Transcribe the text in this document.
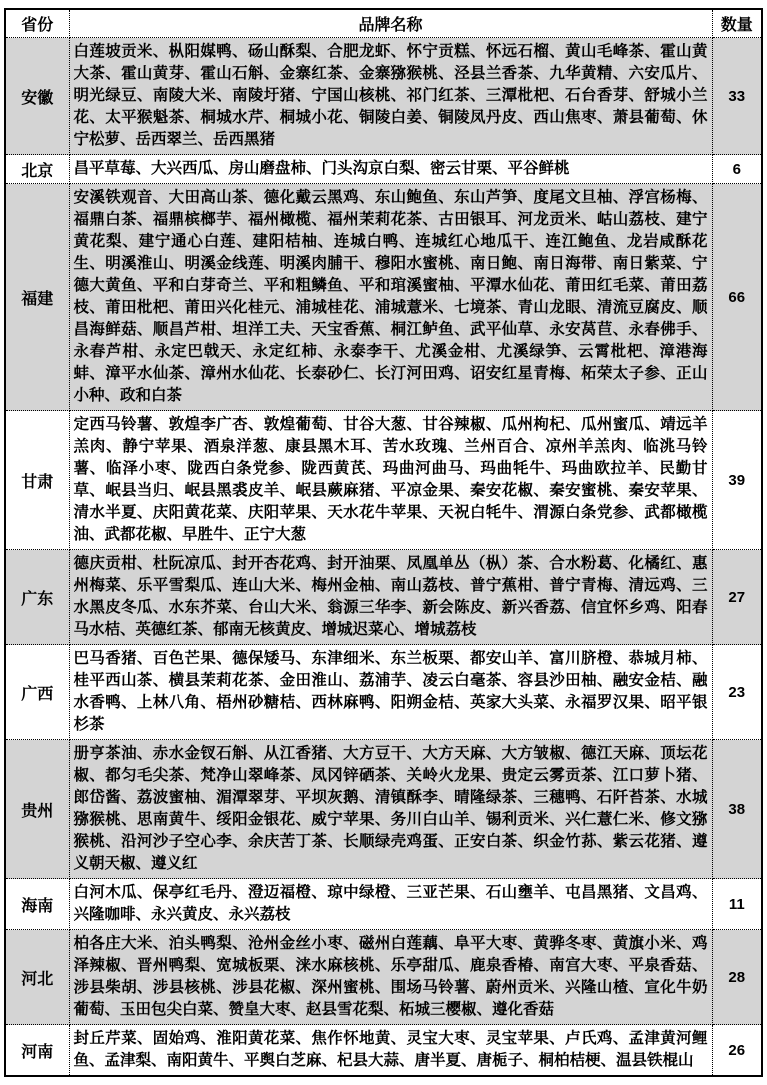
省份	品牌名称	数量
安徽	白莲坡贡米、枞阳媒鸭、砀山酥梨、合肥龙虾、怀宁贡糕、怀远石榴、黄山毛峰茶、霍山黄大茶、霍山黄芽、霍山石斛、金寨红茶、金寨猕猴桃、泾县兰香茶、九华黄精、六安瓜片、明光绿豆、南陵大米、南陵圩猪、宁国山核桃、祁门红茶、三潭枇杷、石台香芽、舒城小兰花、太平猴魁茶、桐城水芹、桐城小花、铜陵白姜、铜陵凤丹皮、西山焦枣、萧县葡萄、休宁松萝、岳西翠兰、岳西黑猪	33
北京	昌平草莓、大兴西瓜、房山磨盘柿、门头沟京白梨、密云甘栗、平谷鲜桃	6
福建	安溪铁观音、大田高山茶、德化戴云黑鸡、东山鲍鱼、东山芦笋、度尾文旦柚、浮宫杨梅、福鼎白茶、福鼎槟榔芋、福州橄榄、福州茉莉花茶、古田银耳、河龙贡米、岵山荔枝、建宁黄花梨、建宁通心白莲、建阳桔柚、连城白鸭、连城红心地瓜干、连江鲍鱼、龙岩咸酥花生、明溪淮山、明溪金线莲、明溪肉脯干、穆阳水蜜桃、南日鲍、南日海带、南日紫菜、宁德大黄鱼、平和白芽奇兰、平和粗鳞鱼、平和琯溪蜜柚、平潭水仙花、莆田红毛菜、莆田荔枝、莆田枇杷、莆田兴化桂元、浦城桂花、浦城薏米、七境茶、青山龙眼、清流豆腐皮、顺昌海鲜菇、顺昌芦柑、坦洋工夫、天宝香蕉、桐江鲈鱼、武平仙草、永安莴苣、永春佛手、永春芦柑、永定巴戟天、永定红柿、永泰李干、尤溪金柑、尤溪绿笋、云霄枇杷、漳港海蚌、漳平水仙茶、漳州水仙花、长泰砂仁、长汀河田鸡、诏安红星青梅、柘荣太子参、正山小种、政和白茶	66
甘肃	定西马铃薯、敦煌李广杏、敦煌葡萄、甘谷大葱、甘谷辣椒、瓜州枸杞、瓜州蜜瓜、靖远羊羔肉、静宁苹果、酒泉洋葱、康县黑木耳、苦水玫瑰、兰州百合、凉州羊羔肉、临洮马铃薯、临泽小枣、陇西白条党参、陇西黄芪、玛曲河曲马、玛曲牦牛、玛曲欧拉羊、民勤甘草、岷县当归、岷县黑裘皮羊、岷县蕨麻猪、平凉金果、秦安花椒、秦安蜜桃、秦安苹果、清水半夏、庆阳黄花菜、庆阳苹果、天水花牛苹果、天祝白牦牛、渭源白条党参、武都橄榄油、武都花椒、早胜牛、正宁大葱	39
广东	德庆贡柑、杜阮凉瓜、封开杏花鸡、封开油栗、凤凰单丛（枞）茶、合水粉葛、化橘红、惠州梅菜、乐平雪梨瓜、连山大米、梅州金柚、南山荔枝、普宁蕉柑、普宁青梅、清远鸡、三水黑皮冬瓜、水东芥菜、台山大米、翁源三华李、新会陈皮、新兴香荔、信宜怀乡鸡、阳春马水桔、英德红茶、郁南无核黄皮、增城迟菜心、增城荔枝	27
广西	巴马香猪、百色芒果、德保矮马、东津细米、东兰板栗、都安山羊、富川脐橙、恭城月柿、桂平西山茶、横县茉莉花茶、金田淮山、荔浦芋、凌云白毫茶、容县沙田柚、融安金桔、融水香鸭、上林八角、梧州砂糖桔、西林麻鸭、阳朔金桔、英家大头菜、永福罗汉果、昭平银杉茶	23
贵州	册亨茶油、赤水金钗石斛、从江香猪、大方豆干、大方天麻、大方皱椒、德江天麻、顶坛花椒、都匀毛尖茶、梵净山翠峰茶、凤冈锌硒茶、关岭火龙果、贵定云雾贡茶、江口萝卜猪、郎岱酱、荔波蜜柚、湄潭翠芽、平坝灰鹅、清镇酥李、晴隆绿茶、三穗鸭、石阡苔茶、水城猕猴桃、思南黄牛、绥阳金银花、威宁苹果、务川白山羊、锡利贡米、兴仁薏仁米、修文猕猴桃、沿河沙子空心李、余庆苦丁茶、长顺绿壳鸡蛋、正安白茶、织金竹荪、紫云花猪、遵义朝天椒、遵义红	38
海南	白河木瓜、保亭红毛丹、澄迈福橙、琼中绿橙、三亚芒果、石山壅羊、屯昌黑猪、文昌鸡、兴隆咖啡、永兴黄皮、永兴荔枝	11
河北	柏各庄大米、泊头鸭梨、沧州金丝小枣、磁州白莲藕、阜平大枣、黄骅冬枣、黄旗小米、鸡泽辣椒、晋州鸭梨、宽城板栗、涞水麻核桃、乐亭甜瓜、鹿泉香椿、南宫大枣、平泉香菇、涉县柴胡、涉县核桃、涉县花椒、深州蜜桃、围场马铃薯、蔚州贡米、兴隆山楂、宣化牛奶葡萄、玉田包尖白菜、赞皇大枣、赵县雪花梨、柘城三樱椒、遵化香菇	28
河南	封丘芹菜、固始鸡、淮阳黄花菜、焦作怀地黄、灵宝大枣、灵宝苹果、卢氏鸡、孟津黄河鲤鱼、孟津梨、南阳黄牛、平舆白芝麻、杞县大蒜、唐半夏、唐栀子、桐柏桔梗、温县铁棍山	26
